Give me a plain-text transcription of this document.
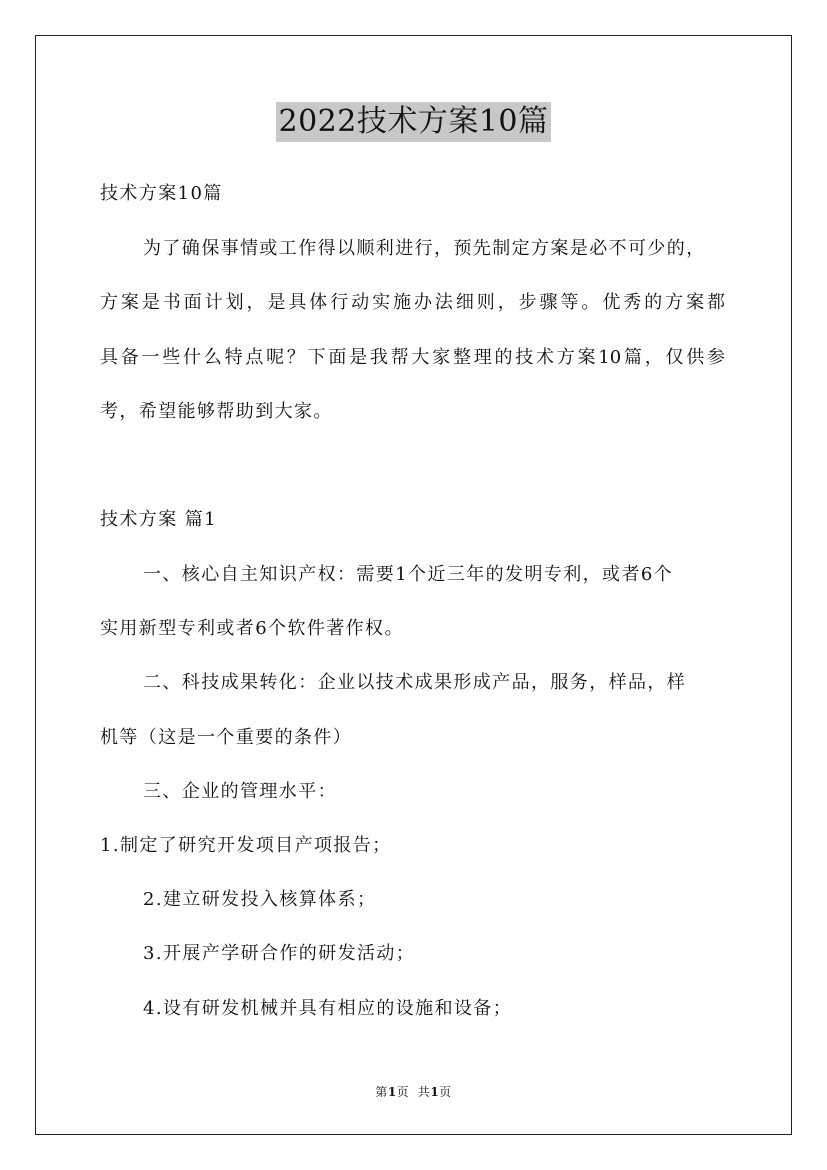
2022技术方案10篇
技术方案10篇
为了确保事情或工作得以顺利进行，预先制定方案是必不可少的，
方案是书面计划，是具体行动实施办法细则，步骤等。优秀的方案都
具备一些什么特点呢？下面是我帮大家整理的技术方案10篇，仅供参
考，希望能够帮助到大家。
技术方案 篇1
一、核心自主知识产权：需要1个近三年的发明专利，或者6个
实用新型专利或者6个软件著作权。
二、科技成果转化：企业以技术成果形成产品，服务，样品，样
机等（这是一个重要的条件）
三、企业的管理水平：
1.制定了研究开发项目产项报告；
2.建立研发投入核算体系；
3.开展产学研合作的研发活动；
4.设有研发机械并具有相应的设施和设备；
第1页  共1页
